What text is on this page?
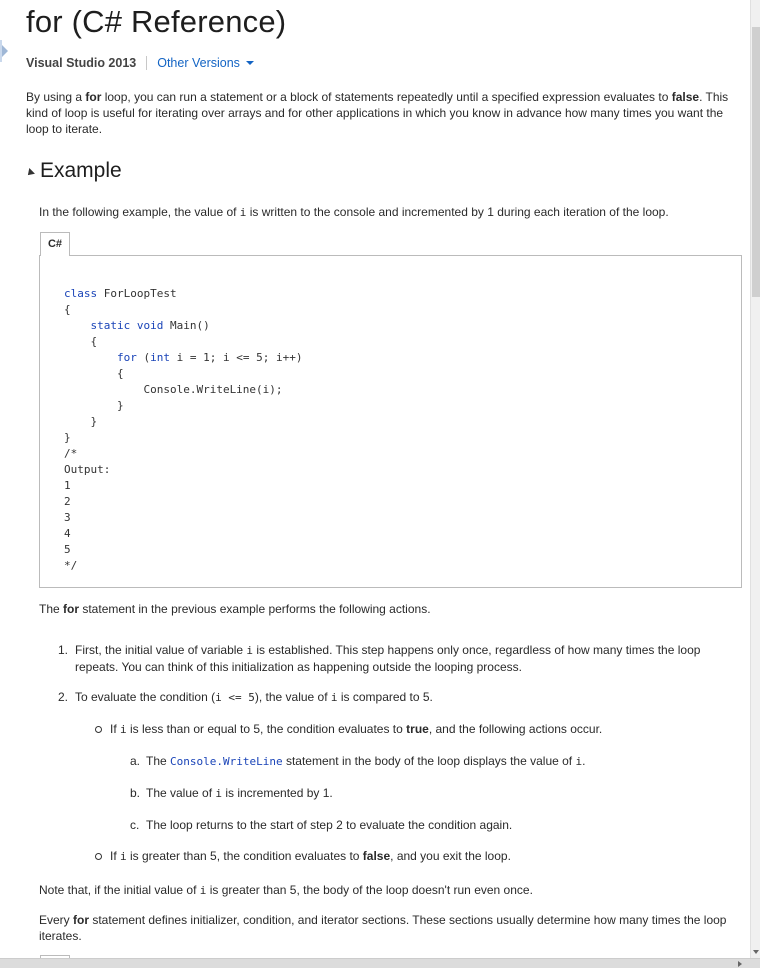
for (C# Reference)
Visual Studio 2013 Other Versions
By using a for loop, you can run a statement or a block of statements repeatedly until a specified expression evaluates to false. This kind of loop is useful for iterating over arrays and for other applications in which you know in advance how many times you want the loop to iterate.
Example
In the following example, the value of i is written to the console and incremented by 1 during each iteration of the loop.
C#
class ForLoopTest
{
static void Main()
{
for (int i = 1; i <= 5; i++)
{
Console.WriteLine(i);
}
}
}
/*
Output:
1
2
3
4
5
*/
The for statement in the previous example performs the following actions.
1. First, the initial value of variable i is established. This step happens only once, regardless of how many times the loop repeats. You can think of this initialization as happening outside the looping process.
2. To evaluate the condition (i <= 5), the value of i is compared to 5.
If i is less than or equal to 5, the condition evaluates to true, and the following actions occur.
a. The Console.WriteLine statement in the body of the loop displays the value of i.
b. The value of i is incremented by 1.
c. The loop returns to the start of step 2 to evaluate the condition again.
If i is greater than 5, the condition evaluates to false, and you exit the loop.
Note that, if the initial value of i is greater than 5, the body of the loop doesn't run even once.
Every for statement defines initializer, condition, and iterator sections. These sections usually determine how many times the loop iterates.
